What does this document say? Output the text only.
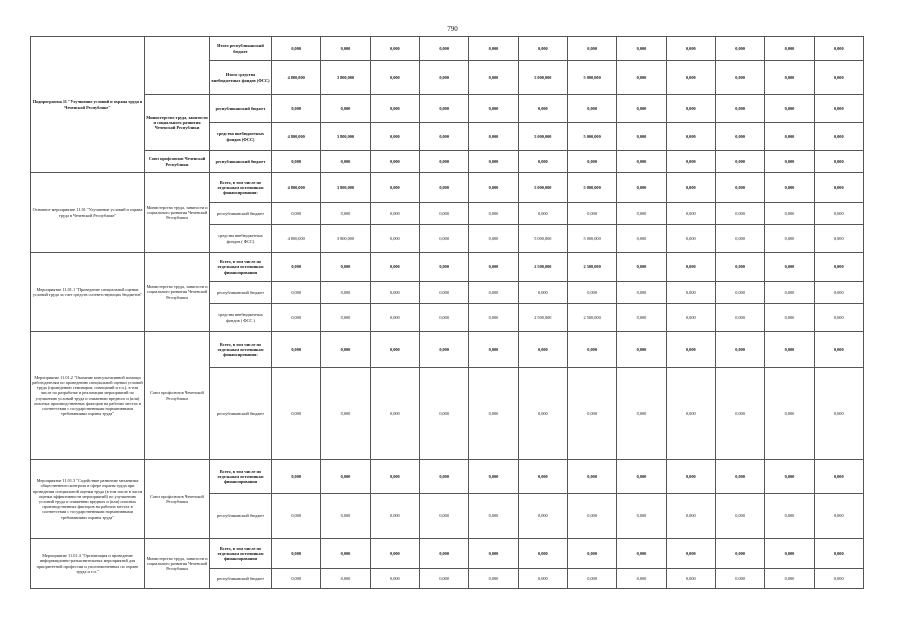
790
Подпрограмма 11 "Улучшение условий и охрана труда в Чеченской Республике"		Итого республиканский бюджет	0,000	0,000	0,000	0,000	0,000	0,000	0,000	0,000	0,000	0,000	0,000	0,000
		Итого средства внебюджетных фондов (ФСС)	4 800,000	3 800,000	0,000	0,000	0,000	5 000,000	5 000,000	0,000	0,000	0,000	0,000	0,000
	Министерство труда, занятости и социального развития Чеченской Республики	республиканский бюджет	0,000	0,000	0,000	0,000	0,000	0,000	0,000	0,000	0,000	0,000	0,000	0,000
		средства внебюджетных фондов (ФСС)	4 800,000	3 800,000	0,000	0,000	0,000	5 000,000	5 000,000	0,000	0,000	0,000	0,000	0,000
	Союз профсоюзов Чеченской Республики	республиканский бюджет	0,000	0,000	0,000	0,000	0,000	0,000	0,000	0,000	0,000	0,000	0,000	0,000
Основное мероприятие 11.01 "Улучшение условий и охрана труда в Чеченской Республике"	Министерство труда, занятости и социального развития Чеченской Республики	Всего, в том числе по отдельным источникам финансирования:	4 800,000	3 800,000	0,000	0,000	0,000	5 000,000	5 000,000	0,000	0,000	0,000	0,000	0,000
		республиканский бюджет	0,000	0,000	0,000	0,000	0,000	0,000	0,000	0,000	0,000	0,000	0,000	0,000
		средства внебюджетных фондов ( ФСС)	4 800,000	3 800,000	0,000	0,000	0,000	5 000,000	5 000,000	0,000	0,000	0,000	0,000	0,000
Мероприятие 11.01.1 "Проведение специальной оценки условий труда за счет средств соответствующих бюджетов"	Министерство труда, занятости и социального развития Чеченской Республики	Всего, в том числе по отдельным источникам финансирования	0,000	0,000	0,000	0,000	0,000	2 500,000	2 500,000	0,000	0,000	0,000	0,000	0,000
		республиканский бюджет	0,000	0,000	0,000	0,000	0,000	0,000	0,000	0,000	0,000	0,000	0,000	0,000
		средства внебюджетных фондов ( ФСС )	0,000	0,000	0,000	0,000	0,000	2 500,000	2 500,000	0,000	0,000	0,000	0,000	0,000
Мероприятие 11.01.2 "Оказание консультативной помощи работодателям по проведению специальной оценки условий труда (проведению семинаров, совещаний и т.п.), в том числе по разработке и реализации мероприятий по улучшению условий труда и снижению вредного и (или) опасных производственных факторов на рабочих местах в соответствии с государственными нормативными требованиями охраны труда"	Союз профсоюзов Чеченской Республики	Всего, в том числе по отдельным источникам финансирования:	0,000	0,000	0,000	0,000	0,000	0,000	0,000	0,000	0,000	0,000	0,000	0,000
		республиканский бюджет	0,000	0,000	0,000	0,000	0,000	0,000	0,000	0,000	0,000	0,000	0,000	0,000
Мероприятие 11.01.3 "Содействие развитию механизма общественного контроля в сфере охраны труда при проведении специальной оценки труда (в том числе в части оценки эффективности мероприятий) по улучшению условий труда и снижению вредных и (или) опасных производственных факторов на рабочих местах в соответствии с государственными нормативными требованиями охраны труда"	Союз профсоюзов Чеченской Республики	Всего, в том числе по отдельным источникам финансирования	0,000	0,000	0,000	0,000	0,000	0,000	0,000	0,000	0,000	0,000	0,000	0,000
		республиканский бюджет	0,000	0,000	0,000	0,000	0,000	0,000	0,000	0,000	0,000	0,000	0,000	0,000
Мероприятие 11.01.4 "Организация и проведение информационно-разъяснительных мероприятий для приоритетной профессии и уполномоченных по охране труда и т.п."	Министерство труда, занятости и социального развития Чеченской Республики	Всего, в том числе по отдельным источникам финансирования	0,000	0,000	0,000	0,000	0,000	0,000	0,000	0,000	0,000	0,000	0,000	0,000
		республиканский бюджет	0,000	0,000	0,000	0,000	0,000	0,000	0,000	0,000	0,000	0,000	0,000	0,000
